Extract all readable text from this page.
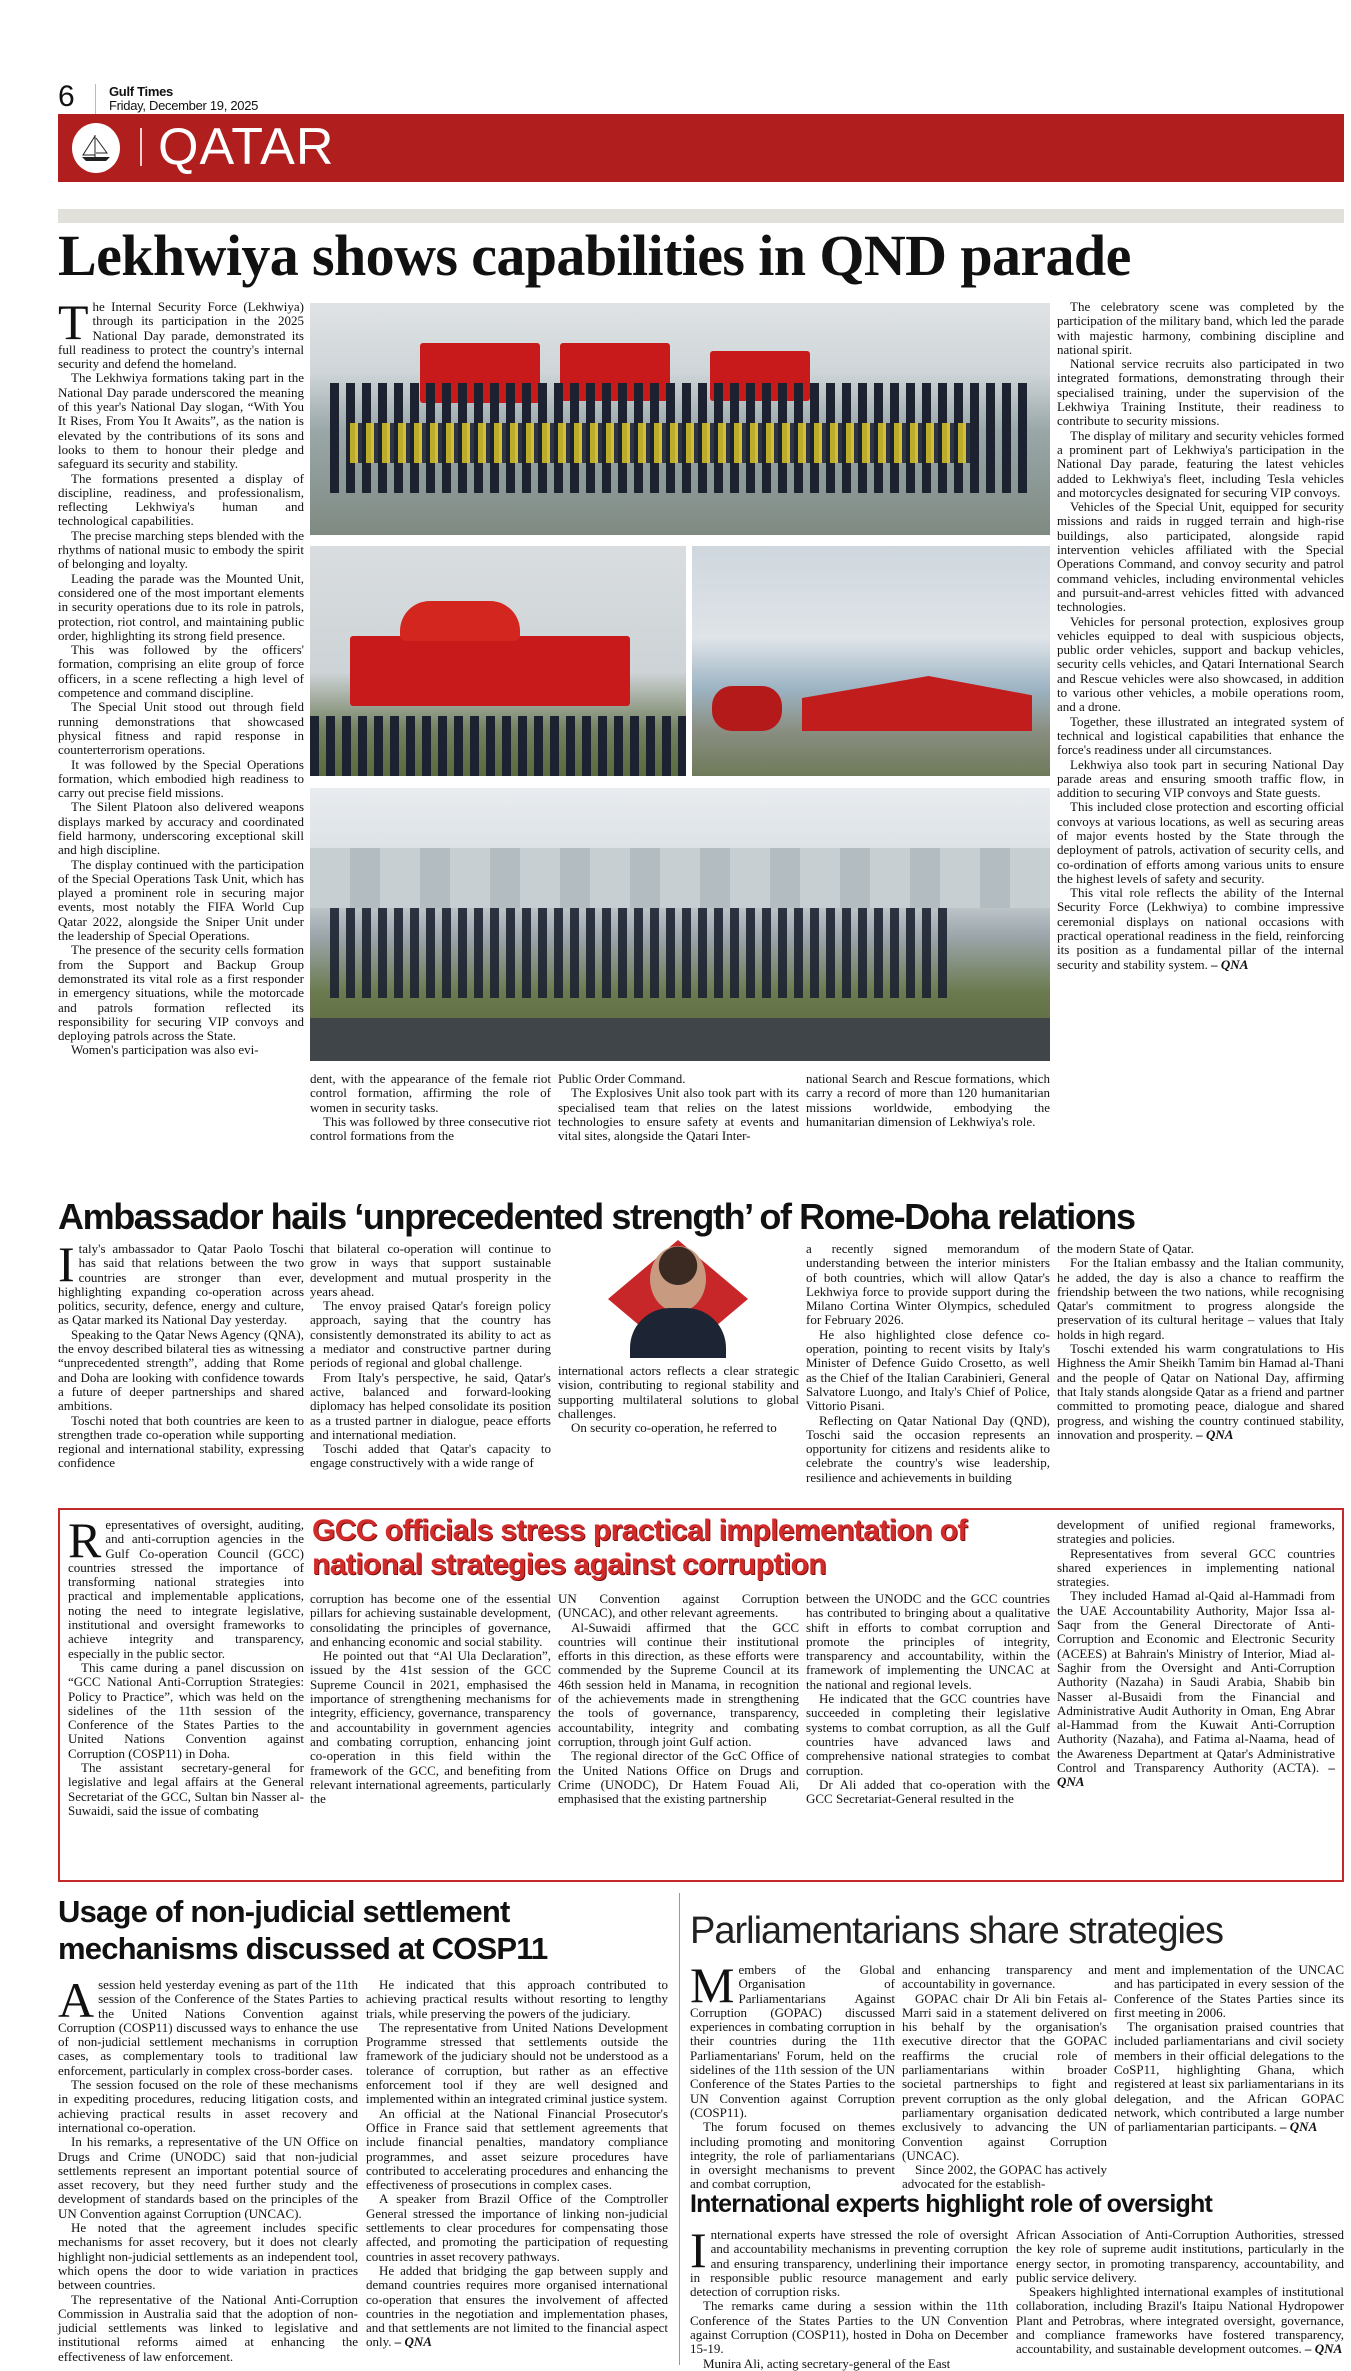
6	Gulf Times
Friday, December 19, 2025
QATAR
Lekhwiya shows capabilities in QND parade

The Internal Security Force (Lekhwiya) through its participation in the 2025 National Day parade, demonstrated its full readiness to protect the country's internal security and defend the homeland.

The Lekhwiya formations taking part in the National Day parade underscored the meaning of this year's National Day slogan, “With You It Rises, From You It Awaits”, as the nation is elevated by the contributions of its sons and looks to them to honour their pledge and safeguard its security and stability.

The formations presented a display of discipline, readiness, and professionalism, reflecting Lekhwiya's human and technological capabilities.

The precise marching steps blended with the rhythms of national music to embody the spirit of belonging and loyalty.

Leading the parade was the Mounted Unit, considered one of the most important elements in security operations due to its role in patrols, protection, riot control, and maintaining public order, highlighting its strong field presence.

This was followed by the officers' formation, comprising an elite group of force officers, in a scene reflecting a high level of competence and command discipline.

The Special Unit stood out through field running demonstrations that showcased physical fitness and rapid response in counterterrorism operations.

It was followed by the Special Operations formation, which embodied high readiness to carry out precise field missions.

The Silent Platoon also delivered weapons displays marked by accuracy and coordinated field harmony, underscoring exceptional skill and high discipline.

The display continued with the participation of the Special Operations Task Unit, which has played a prominent role in securing major events, most notably the FIFA World Cup Qatar 2022, alongside the Sniper Unit under the leadership of Special Operations.

The presence of the security cells formation from the Support and Backup Group demonstrated its vital role as a first responder in emergency situations, while the motorcade and patrols formation reflected its responsibility for securing VIP convoys and deploying patrols across the State.

Women's participation was also evi-

dent, with the appearance of the female riot control formation, affirming the role of women in security tasks.

This was followed by three consecutive riot control formations from the

Public Order Command.

The Explosives Unit also took part with its specialised team that relies on the latest technologies to ensure safety at events and vital sites, alongside the Qatari Inter-

national Search and Rescue formations, which carry a record of more than 120 humanitarian missions worldwide, embodying the humanitarian dimension of Lekhwiya's role.

The celebratory scene was completed by the participation of the military band, which led the parade with majestic harmony, combining discipline and national spirit.

National service recruits also participated in two integrated formations, demonstrating through their specialised training, under the supervision of the Lekhwiya Training Institute, their readiness to contribute to security missions.

The display of military and security vehicles formed a prominent part of Lekhwiya's participation in the National Day parade, featuring the latest vehicles added to Lekhwiya's fleet, including Tesla vehicles and motorcycles designated for securing VIP convoys.

Vehicles of the Special Unit, equipped for security missions and raids in rugged terrain and high-rise buildings, also participated, alongside rapid intervention vehicles affiliated with the Special Operations Command, and convoy security and patrol command vehicles, including environmental vehicles and pursuit-and-arrest vehicles fitted with advanced technologies.

Vehicles for personal protection, explosives group vehicles equipped to deal with suspicious objects, public order vehicles, support and backup vehicles, security cells vehicles, and Qatari International Search and Rescue vehicles were also showcased, in addition to various other vehicles, a mobile operations room, and a drone.

Together, these illustrated an integrated system of technical and logistical capabilities that enhance the force's readiness under all circumstances.

Lekhwiya also took part in securing National Day parade areas and ensuring smooth traffic flow, in addition to securing VIP convoys and State guests.

This included close protection and escorting official convoys at various locations, as well as securing areas of major events hosted by the State through the deployment of patrols, activation of security cells, and co-ordination of efforts among various units to ensure the highest levels of safety and security.

This vital role reflects the ability of the Internal Security Force (Lekhwiya) to combine impressive ceremonial displays on national occasions with practical operational readiness in the field, reinforcing its position as a fundamental pillar of the internal security and stability system. – QNA

Ambassador hails ‘unprecedented strength’ of Rome-Doha relations

Italy's ambassador to Qatar Paolo Toschi has said that relations between the two countries are stronger than ever, highlighting expanding co-operation across politics, security, defence, energy and culture, as Qatar marked its National Day yesterday.

Speaking to the Qatar News Agency (QNA), the envoy described bilateral ties as witnessing “unprecedented strength”, adding that Rome and Doha are looking with confidence towards a future of deeper partnerships and shared ambitions.

Toschi noted that both countries are keen to strengthen trade co-operation while supporting regional and international stability, expressing confidence

that bilateral co-operation will continue to grow in ways that support sustainable development and mutual prosperity in the years ahead.

The envoy praised Qatar's foreign policy approach, saying that the country has consistently demonstrated its ability to act as a mediator and constructive partner during periods of regional and global challenge.

From Italy's perspective, he said, Qatar's active, balanced and forward-looking diplomacy has helped consolidate its position as a trusted partner in dialogue, peace efforts and international mediation.

Toschi added that Qatar's capacity to engage constructively with a wide range of

international actors reflects a clear strategic vision, contributing to regional stability and supporting multilateral solutions to global challenges.

On security co-operation, he referred to

a recently signed memorandum of understanding between the interior ministers of both countries, which will allow Qatar's Lekhwiya force to provide support during the Milano Cortina Winter Olympics, scheduled for February 2026.

He also highlighted close defence co-operation, pointing to recent visits by Italy's Minister of Defence Guido Crosetto, as well as the Chief of the Italian Carabinieri, General Salvatore Luongo, and Italy's Chief of Police, Vittorio Pisani.

Reflecting on Qatar National Day (QND), Toschi said the occasion represents an opportunity for citizens and residents alike to celebrate the country's wise leadership, resilience and achievements in building

the modern State of Qatar.

For the Italian embassy and the Italian community, he added, the day is also a chance to reaffirm the friendship between the two nations, while recognising Qatar's commitment to progress alongside the preservation of its cultural heritage – values that Italy holds in high regard.

Toschi extended his warm congratulations to His Highness the Amir Sheikh Tamim bin Hamad al-Thani and the people of Qatar on National Day, affirming that Italy stands alongside Qatar as a friend and partner committed to promoting peace, dialogue and shared progress, and wishing the country continued stability, innovation and prosperity. – QNA

GCC officials stress practical implementation of national strategies against corruption

Representatives of oversight, auditing, and anti-corruption agencies in the Gulf Co-operation Council (GCC) countries stressed the importance of transforming national strategies into practical and implementable applications, noting the need to integrate legislative, institutional and oversight frameworks to achieve integrity and transparency, especially in the public sector.

This came during a panel discussion on “GCC National Anti-Corruption Strategies: Policy to Practice”, which was held on the sidelines of the 11th session of the Conference of the States Parties to the United Nations Convention against Corruption (COSP11) in Doha.

The assistant secretary-general for legislative and legal affairs at the General Secretariat of the GCC, Sultan bin Nasser al-Suwaidi, said the issue of combating

corruption has become one of the essential pillars for achieving sustainable development, consolidating the principles of governance, and enhancing economic and social stability.

He pointed out that “Al Ula Declaration”, issued by the 41st session of the GCC Supreme Council in 2021, emphasised the importance of strengthening mechanisms for integrity, efficiency, governance, transparency and accountability in government agencies and combating corruption, enhancing joint co-operation in this field within the framework of the GCC, and benefiting from relevant international agreements, particularly the

UN Convention against Corruption (UNCAC), and other relevant agreements.

Al-Suwaidi affirmed that the GCC countries will continue their institutional efforts in this direction, as these efforts were commended by the Supreme Council at its 46th session held in Manama, in recognition of the achievements made in strengthening the tools of governance, transparency, accountability, integrity and combating corruption, through joint Gulf action.

The regional director of the GcC Office of the United Nations Office on Drugs and Crime (UNODC), Dr Hatem Fouad Ali, emphasised that the existing partnership

between the UNODC and the GCC countries has contributed to bringing about a qualitative shift in efforts to combat corruption and promote the principles of integrity, transparency and accountability, within the framework of implementing the UNCAC at the national and regional levels.

He indicated that the GCC countries have succeeded in completing their legislative systems to combat corruption, as all the Gulf countries have advanced laws and comprehensive national strategies to combat corruption.

Dr Ali added that co-operation with the GCC Secretariat-General resulted in the

development of unified regional frameworks, strategies and policies.

Representatives from several GCC countries shared experiences in implementing national strategies.

They included Hamad al-Qaid al-Hammadi from the UAE Accountability Authority, Major Issa al-Saqr from the General Directorate of Anti-Corruption and Economic and Electronic Security (ACEES) at Bahrain's Ministry of Interior, Miad al-Saghir from the Oversight and Anti-Corruption Authority (Nazaha) in Saudi Arabia, Shabib bin Nasser al-Busaidi from the Financial and Administrative Audit Authority in Oman, Eng Abrar al-Hammad from the Kuwait Anti-Corruption Authority (Nazaha), and Fatima al-Naama, head of the Awareness Department at Qatar's Administrative Control and Transparency Authority (ACTA). – QNA

Usage of non-judicial settlement mechanisms discussed at COSP11

Asession held yesterday evening as part of the 11th session of the Conference of the States Parties to the United Nations Convention against Corruption (COSP11) discussed ways to enhance the use of non-judicial settlement mechanisms in corruption cases, as complementary tools to traditional law enforcement, particularly in complex cross-border cases.

The session focused on the role of these mechanisms in expediting procedures, reducing litigation costs, and achieving practical results in asset recovery and international co-operation.

In his remarks, a representative of the UN Office on Drugs and Crime (UNODC) said that non-judicial settlements represent an important potential source of asset recovery, but they need further study and the development of standards based on the principles of the UN Convention against Corruption (UNCAC).

He noted that the agreement includes specific mechanisms for asset recovery, but it does not clearly highlight non-judicial settlements as an independent tool, which opens the door to wide variation in practices between countries.

The representative of the National Anti-Corruption Commission in Australia said that the adoption of non-judicial settlements was linked to legislative and institutional reforms aimed at enhancing the effectiveness of law enforcement.

He indicated that this approach contributed to achieving practical results without resorting to lengthy trials, while preserving the powers of the judiciary.

The representative from United Nations Development Programme stressed that settlements outside the framework of the judiciary should not be understood as a tolerance of corruption, but rather as an effective enforcement tool if they are well designed and implemented within an integrated criminal justice system.

An official at the National Financial Prosecutor's Office in France said that settlement agreements that include financial penalties, mandatory compliance programmes, and asset seizure procedures have contributed to accelerating procedures and enhancing the effectiveness of prosecutions in complex cases.

A speaker from Brazil Office of the Comptroller General stressed the importance of linking non-judicial settlements to clear procedures for compensating those affected, and promoting the participation of requesting countries in asset recovery pathways.

He added that bridging the gap between supply and demand countries requires more organised international co-operation that ensures the involvement of affected countries in the negotiation and implementation phases, and that settlements are not limited to the financial aspect only. – QNA

Parliamentarians share strategies

Members of the Global Organisation of Parliamentarians Against Corruption (GOPAC) discussed experiences in combating corruption in their countries during the 11th Parliamentarians' Forum, held on the sidelines of the 11th session of the UN Conference of the States Parties to the UN Convention against Corruption (COSP11).

The forum focused on themes including promoting and monitoring integrity, the role of parliamentarians in oversight mechanisms to prevent and combat corruption,

and enhancing transparency and accountability in governance.

GOPAC chair Dr Ali bin Fetais al-Marri said in a statement delivered on his behalf by the organisation's executive director that the GOPAC reaffirms the crucial role of parliamentarians within broader societal partnerships to fight and prevent corruption as the only global parliamentary organisation dedicated exclusively to advancing the UN Convention against Corruption (UNCAC).

Since 2002, the GOPAC has actively advocated for the establish-

ment and implementation of the UNCAC and has participated in every session of the Conference of the States Parties since its first meeting in 2006.

The organisation praised countries that included parliamentarians and civil society members in their official delegations to the CoSP11, highlighting Ghana, which registered at least six parliamentarians in its delegation, and the African GOPAC network, which contributed a large number of parliamentarian participants. – QNA

International experts highlight role of oversight

International experts have stressed the role of oversight and accountability mechanisms in preventing corruption and ensuring transparency, underlining their importance in responsible public resource management and early detection of corruption risks.

The remarks came during a session within the 11th Conference of the States Parties to the UN Convention against Corruption (COSP11), hosted in Doha on December 15-19.

Munira Ali, acting secretary-general of the East

African Association of Anti-Corruption Authorities, stressed the key role of supreme audit institutions, particularly in the energy sector, in promoting transparency, accountability, and public service delivery.

Speakers highlighted international examples of institutional collaboration, including Brazil's Itaipu National Hydropower Plant and Petrobras, where integrated oversight, governance, and compliance frameworks have fostered transparency, accountability, and sustainable development outcomes. – QNA
